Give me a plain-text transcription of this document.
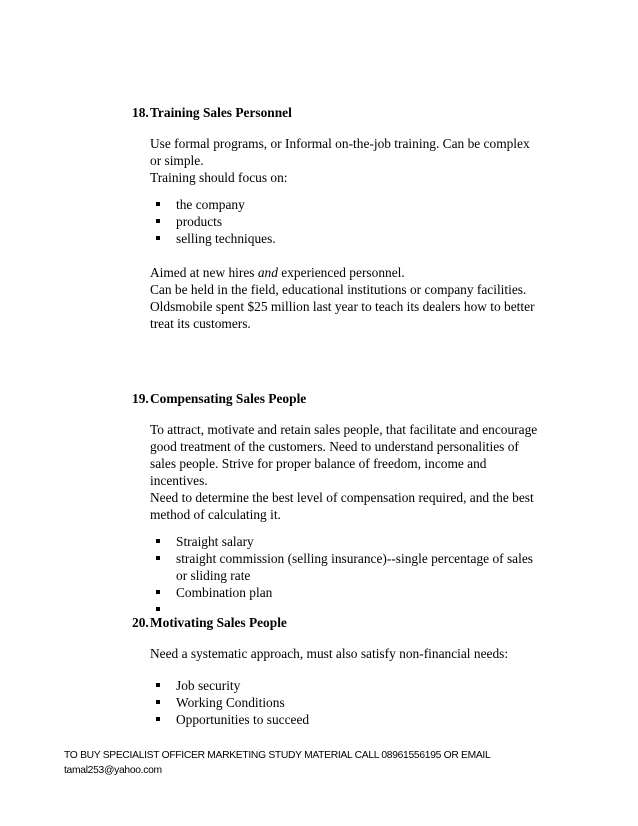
18.Training Sales Personnel

Use formal programs, or Informal on-the-job training. Can be complex

or simple.

Training should focus on:

the company
products
selling techniques.

Aimed at new hires and experienced personnel.

Can be held in the field, educational institutions or company facilities.

Oldsmobile spent $25 million last year to teach its dealers how to better

treat its customers.

19.Compensating Sales People

To attract, motivate and retain sales people, that facilitate and encourage

good treatment of the customers. Need to understand personalities of

sales people. Strive for proper balance of freedom, income and

incentives.

Need to determine the best level of compensation required, and the best

method of calculating it.

Straight salary
straight commission (selling insurance)--single percentage of sales
or sliding rate
Combination plan

20.Motivating Sales People

Need a systematic approach, must also satisfy non-financial needs:

Job security
Working Conditions
Opportunities to succeed
TO BUY SPECIALIST OFFICER MARKETING STUDY MATERIAL CALL 08961556195 OR EMAIL
tamal253@yahoo.com
